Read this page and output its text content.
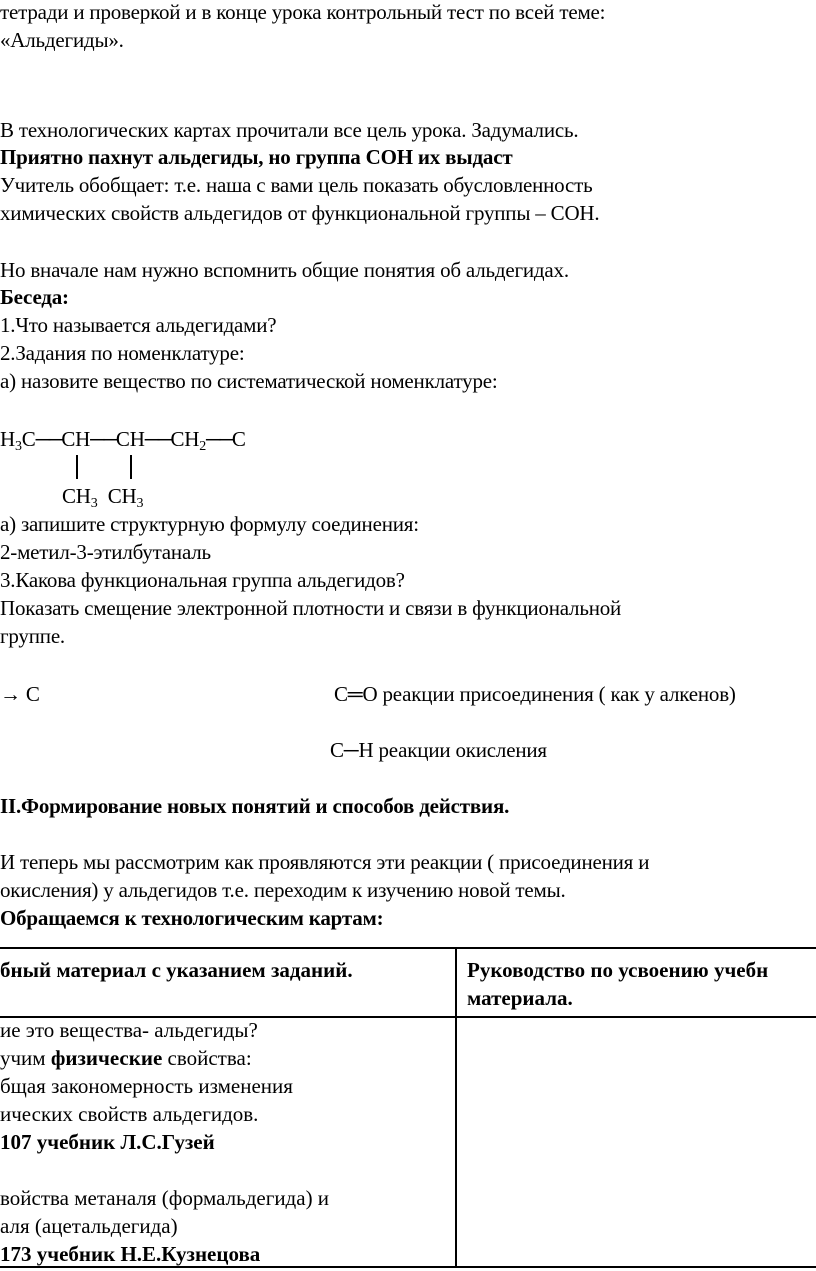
тетради и проверкой и в конце урока контрольный тест по всей теме:
«Альдегиды».
В технологических картах прочитали все цель урока. Задумались.
Приятно пахнут альдегиды, но группа СОН их выдаст
Учитель обобщает: т.е. наша с вами цель показать обусловленность
химических свойств альдегидов от функциональной группы – СОН.
Но вначале нам нужно вспомнить общие понятия об альдегидах.
Беседа:
1.Что называется альдегидами?
2.Задания по номенклатуре:
а) назовите вещество по систематической номенклатуре:
$H_3C──CH──CH──CH_2──C$
$CH_3$ $CH_3$
а) запишите структурную формулу соединения:
2-метил-3-этилбутаналь
3.Какова функциональная группа альдегидов?
Показать смещение электронной плотности и связи в функциональной
группе.
→ С	С═О реакции присоединения ( как у алкенов)
С─Н реакции окисления
II.Формирование новых понятий и способов действия.
И теперь мы рассмотрим как проявляются эти реакции ( присоединения и
окисления) у альдегидов т.е. переходим к изучению новой темы.
Обращаемся к технологическим картам:
бный материал с указанием заданий.	Руководство по усвоению учебн
материала.
ие это вещества- альдегиды?
учим физические свойства:
бщая закономерность изменения
ических свойств альдегидов.
107 учебник Л.С.Гузей
войства метаналя (формальдегида) и
аля (ацетальдегида)
173 учебник Н.Е.Кузнецова
